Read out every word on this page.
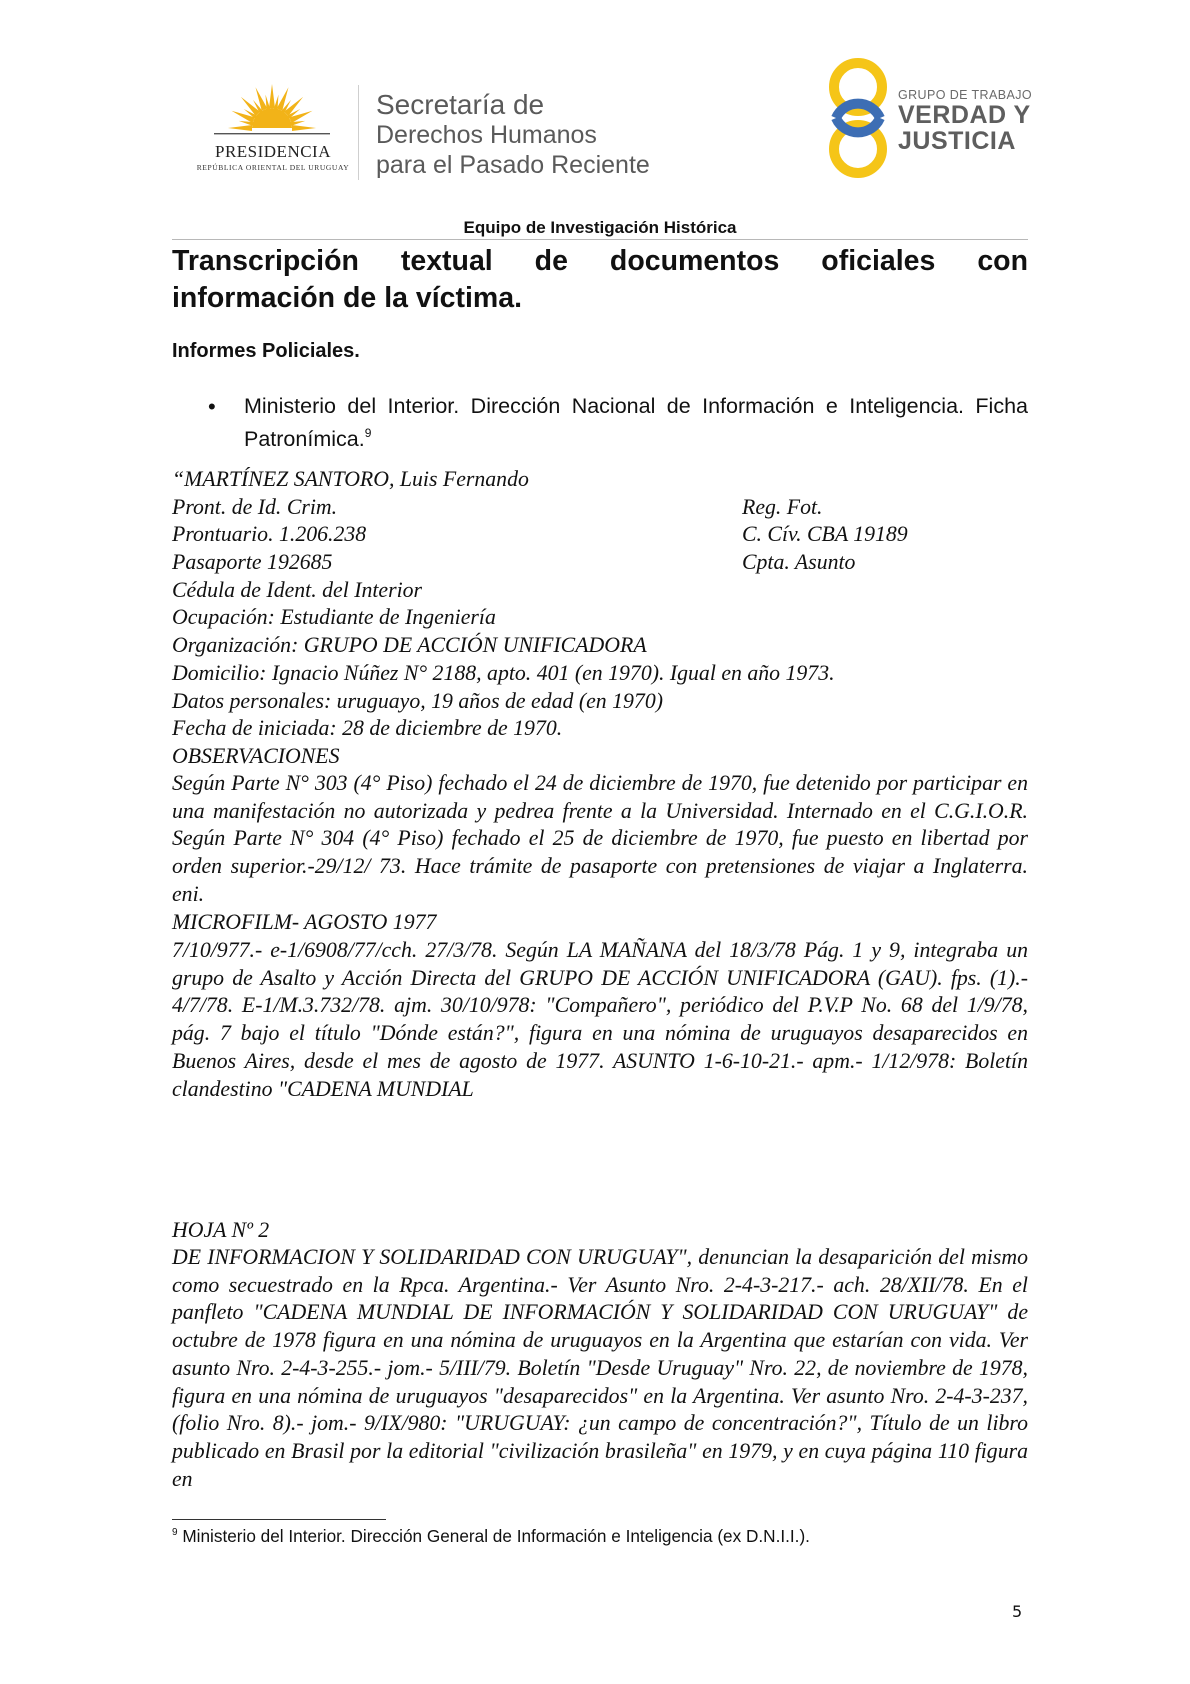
PRESIDENCIA
REPÚBLICA ORIENTAL DEL URUGUAY
Secretaría de
Derechos Humanos
para el Pasado Reciente
GRUPO DE TRABAJO
VERDAD Y
JUSTICIA
Equipo de Investigación Histórica
Transcripción textual de documentos oficiales con información de la víctima.
Informes Policiales.
• Ministerio del Interior. Dirección Nacional de Información e Inteligencia. Ficha Patronímica.$^9$
“MARTÍNEZ SANTORO, Luis Fernando
Pront. de Id. Crim.	Reg. Fot.
Prontuario. 1.206.238	C. Cív. CBA 19189
Pasaporte 192685	Cpta. Asunto
Cédula de Ident. del Interior
Ocupación: Estudiante de Ingeniería
Organización: GRUPO DE ACCIÓN UNIFICADORA
Domicilio: Ignacio Núñez N° 2188, apto. 401 (en 1970). Igual en año 1973.
Datos personales: uruguayo, 19 años de edad (en 1970)
Fecha de iniciada: 28 de diciembre de 1970.
OBSERVACIONES

Según Parte N° 303 (4° Piso) fechado el 24 de diciembre de 1970, fue detenido por participar en una manifestación no autorizada y pedrea frente a la Universidad. Internado en el C.G.I.O.R. Según Parte N° 304 (4° Piso) fechado el 25 de diciembre de 1970, fue puesto en libertad por orden superior.-29/12/ 73. Hace trámite de pasaporte con pretensiones de viajar a Inglaterra. eni.

MICROFILM- AGOSTO 1977

7/10/977.- e-1/6908/77/cch. 27/3/78. Según LA MAÑANA del 18/3/78 Pág. 1 y 9, integraba un grupo de Asalto y Acción Directa del GRUPO DE ACCIÓN UNIFICADORA (GAU). fps. (1).- 4/7/78. E-1/M.3.732/78. ajm. 30/10/978: "Compañero", periódico del P.V.P No. 68 del 1/9/78, pág. 7 bajo el título "Dónde están?", figura en una nómina de uruguayos desaparecidos en Buenos Aires, desde el mes de agosto de 1977. ASUNTO 1-6-10-21.- apm.- 1/12/978: Boletín clandestino "CADENA MUNDIAL

HOJA Nº 2

DE INFORMACION Y SOLIDARIDAD CON URUGUAY", denuncian la desaparición del mismo como secuestrado en la Rpca. Argentina.- Ver Asunto Nro. 2-4-3-217.- ach. 28/XII/78. En el panfleto "CADENA MUNDIAL DE INFORMACIÓN Y SOLIDARIDAD CON URUGUAY" de octubre de 1978 figura en una nómina de uruguayos en la Argentina que estarían con vida. Ver asunto Nro. 2-4-3-255.- jom.- 5/III/79. Boletín "Desde Uruguay" Nro. 22, de noviembre de 1978, figura en una nómina de uruguayos "desaparecidos" en la Argentina. Ver asunto Nro. 2-4-3-237, (folio Nro. 8).- jom.- 9/IX/980: "URUGUAY: ¿un campo de concentración?", Título de un libro publicado en Brasil por la editorial "civilización brasileña" en 1979, y en cuya página 110 figura en

$^9$ Ministerio del Interior. Dirección General de Información e Inteligencia (ex D.N.I.I.).
5
